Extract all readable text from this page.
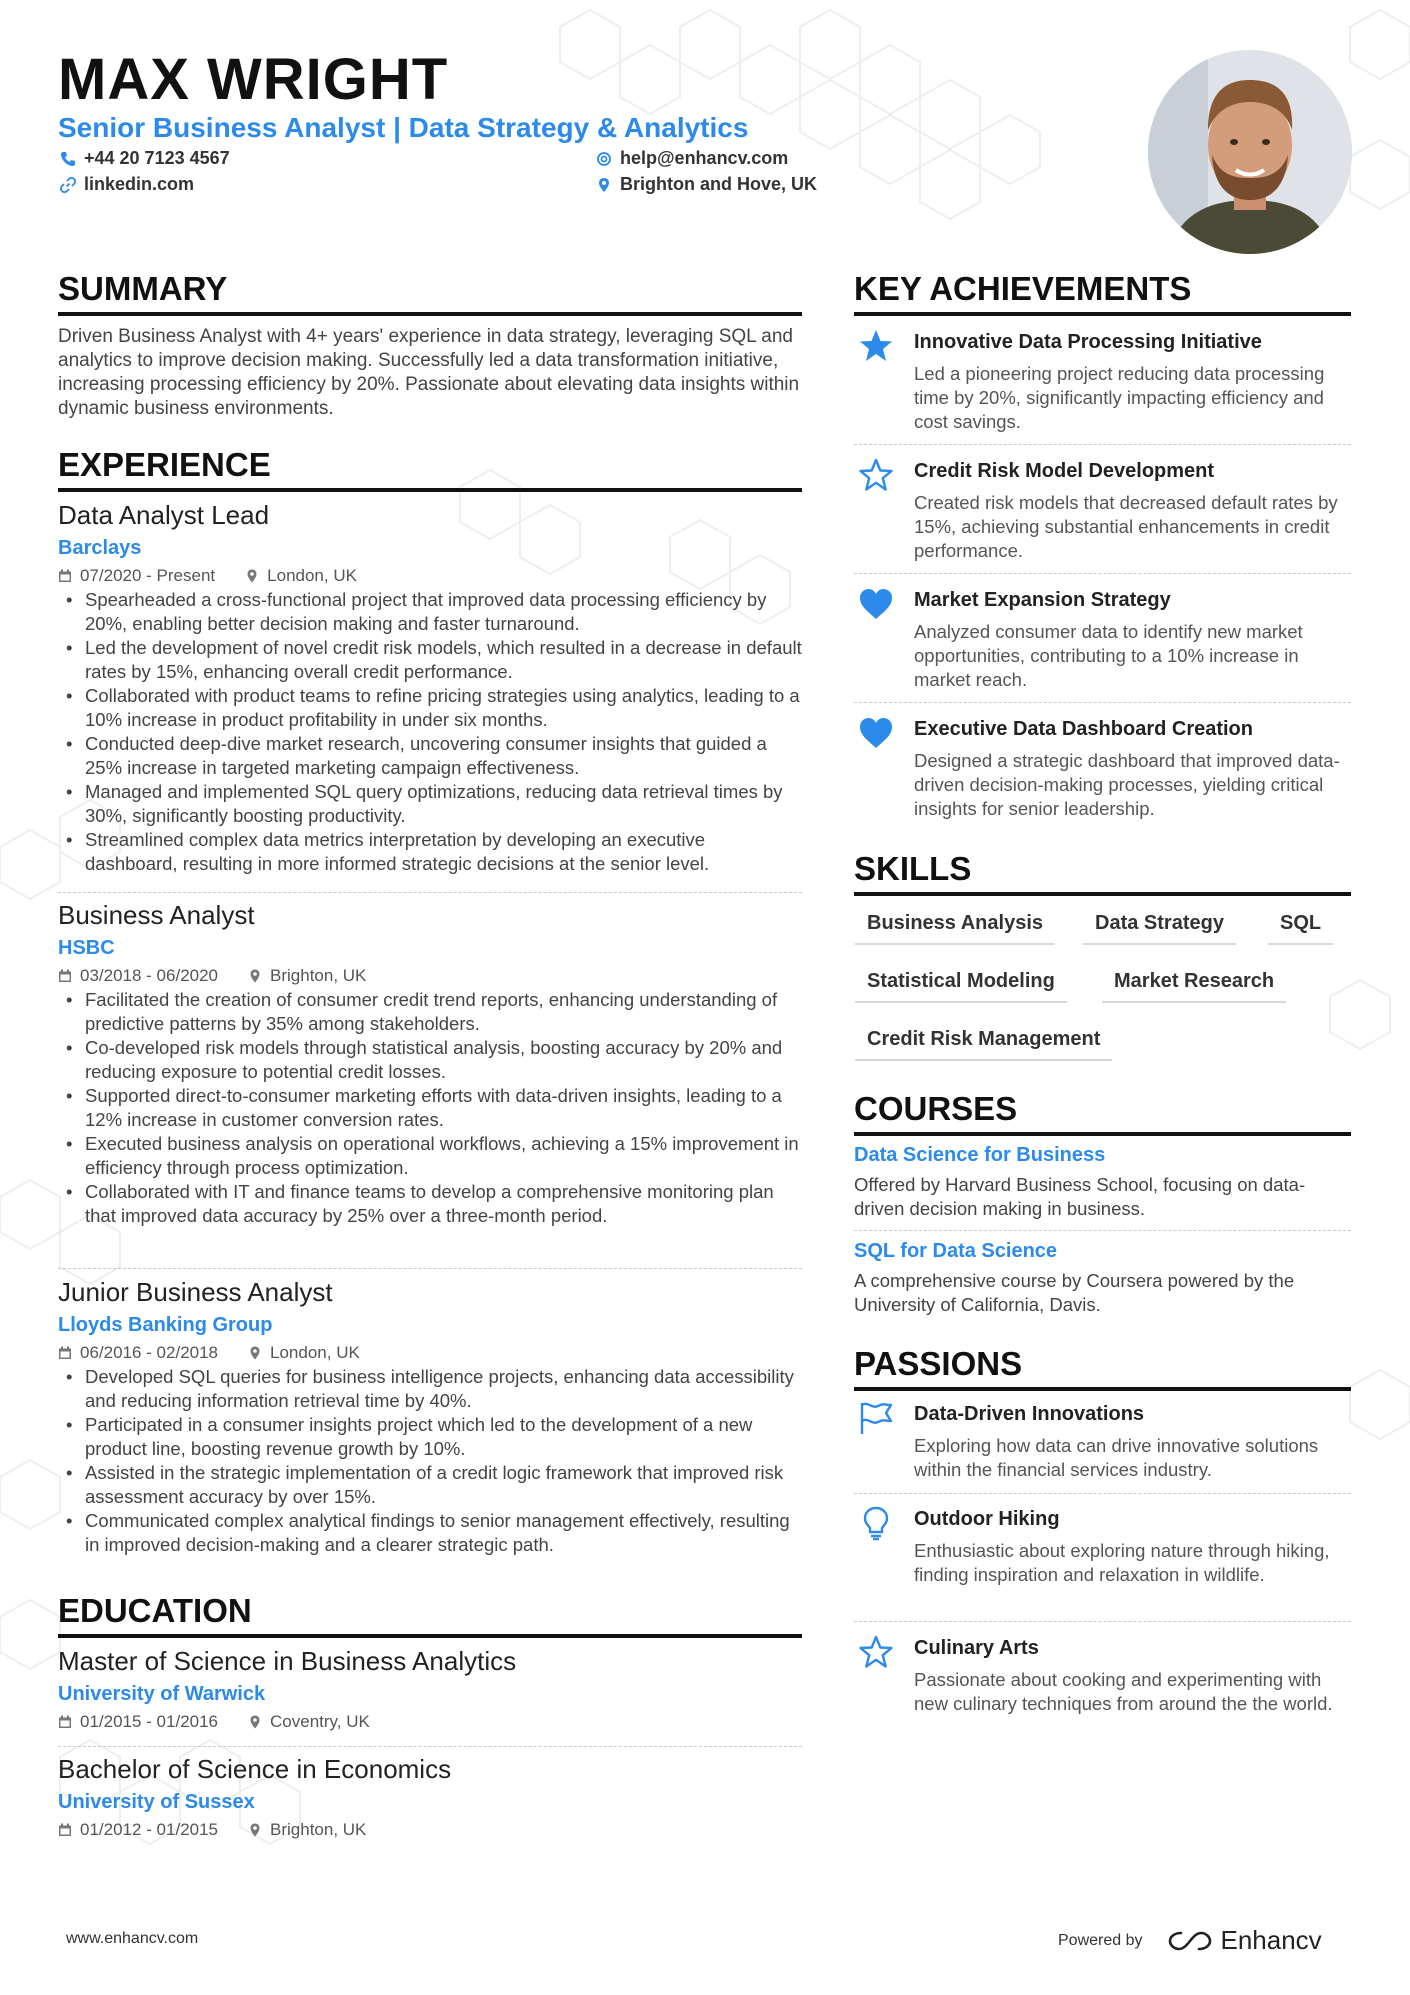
MAX WRIGHT
Senior Business Analyst | Data Strategy & Analytics
+44 20 7123 4567	help@enhancv.com
linkedin.com	Brighton and Hove, UK
SUMMARY
Driven Business Analyst with 4+ years' experience in data strategy, leveraging SQL and analytics to improve decision making. Successfully led a data transformation initiative, increasing processing efficiency by 20%. Passionate about elevating data insights within dynamic business environments.
EXPERIENCE
Data Analyst Lead
Barclays
07/2020 - Present	London, UK
• Spearheaded a cross-functional project that improved data processing efficiency by 20%, enabling better decision making and faster turnaround.
• Led the development of novel credit risk models, which resulted in a decrease in default rates by 15%, enhancing overall credit performance.
• Collaborated with product teams to refine pricing strategies using analytics, leading to a 10% increase in product profitability in under six months.
• Conducted deep-dive market research, uncovering consumer insights that guided a 25% increase in targeted marketing campaign effectiveness.
• Managed and implemented SQL query optimizations, reducing data retrieval times by 30%, significantly boosting productivity.
• Streamlined complex data metrics interpretation by developing an executive dashboard, resulting in more informed strategic decisions at the senior level.
Business Analyst
HSBC
03/2018 - 06/2020	Brighton, UK
• Facilitated the creation of consumer credit trend reports, enhancing understanding of predictive patterns by 35% among stakeholders.
• Co-developed risk models through statistical analysis, boosting accuracy by 20% and reducing exposure to potential credit losses.
• Supported direct-to-consumer marketing efforts with data-driven insights, leading to a 12% increase in customer conversion rates.
• Executed business analysis on operational workflows, achieving a 15% improvement in efficiency through process optimization.
• Collaborated with IT and finance teams to develop a comprehensive monitoring plan that improved data accuracy by 25% over a three-month period.
Junior Business Analyst
Lloyds Banking Group
06/2016 - 02/2018	London, UK
• Developed SQL queries for business intelligence projects, enhancing data accessibility and reducing information retrieval time by 40%.
• Participated in a consumer insights project which led to the development of a new product line, boosting revenue growth by 10%.
• Assisted in the strategic implementation of a credit logic framework that improved risk assessment accuracy by over 15%.
• Communicated complex analytical findings to senior management effectively, resulting in improved decision-making and a clearer strategic path.
EDUCATION
Master of Science in Business Analytics
University of Warwick
01/2015 - 01/2016	Coventry, UK
Bachelor of Science in Economics
University of Sussex
01/2012 - 01/2015	Brighton, UK
KEY ACHIEVEMENTS
Innovative Data Processing Initiative
Led a pioneering project reducing data processing time by 20%, significantly impacting efficiency and cost savings.
Credit Risk Model Development
Created risk models that decreased default rates by 15%, achieving substantial enhancements in credit performance.
Market Expansion Strategy
Analyzed consumer data to identify new market opportunities, contributing to a 10% increase in market reach.
Executive Data Dashboard Creation
Designed a strategic dashboard that improved data-driven decision-making processes, yielding critical insights for senior leadership.
SKILLS
Business Analysis	Data Strategy	SQL
Statistical Modeling	Market Research
Credit Risk Management
COURSES
Data Science for Business
Offered by Harvard Business School, focusing on data-driven decision making in business.
SQL for Data Science
A comprehensive course by Coursera powered by the University of California, Davis.
PASSIONS
Data-Driven Innovations
Exploring how data can drive innovative solutions within the financial services industry.
Outdoor Hiking
Enthusiastic about exploring nature through hiking, finding inspiration and relaxation in wildlife.
Culinary Arts
Passionate about cooking and experimenting with new culinary techniques from around the the world.
www.enhancv.com	Powered by	Enhancv
